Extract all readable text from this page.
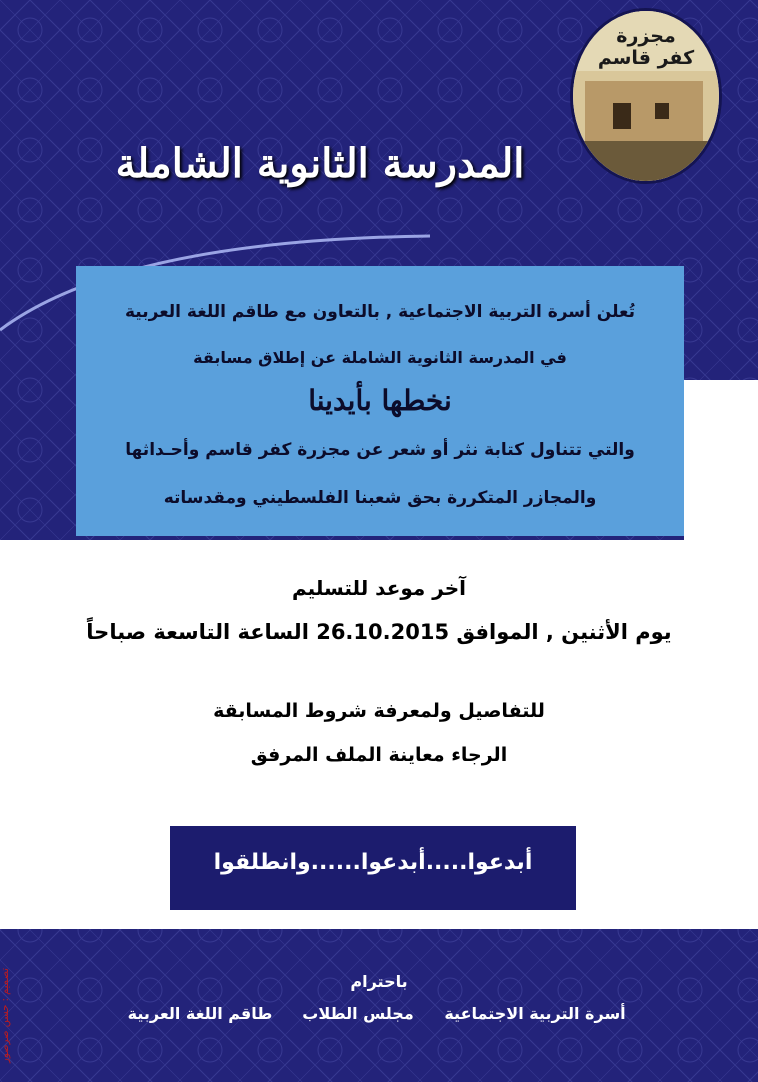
مجزرة
كفر قاسم
المدرسة الثانوية الشاملة
تُعلن أسرة التربية الاجتماعية , بالتعاون مع طاقم اللغة العربية
في المدرسة الثانوية الشاملة عن إطلاق مسابقة
نخطها بأيدينا
والتي تتناول كتابة نثر أو شعر عن مجزرة كفر قاسم وأحـداثها
والمجازر المتكررة بحق شعبنا الفلسطيني ومقدساته
آخر موعد للتسليم
يوم الأثنين , الموافق 26.10.2015 الساعة التاسعة صباحاً
للتفاصيل ولمعرفة شروط المسابقة
الرجاء معاينة الملف المرفق
أبدعوا.....أبدعوا......وانطلقوا
باحترام
أسرة التربية الاجتماعية
مجلس الطلاب
طاقم اللغة العربية
تصميم : حسن صرصور
